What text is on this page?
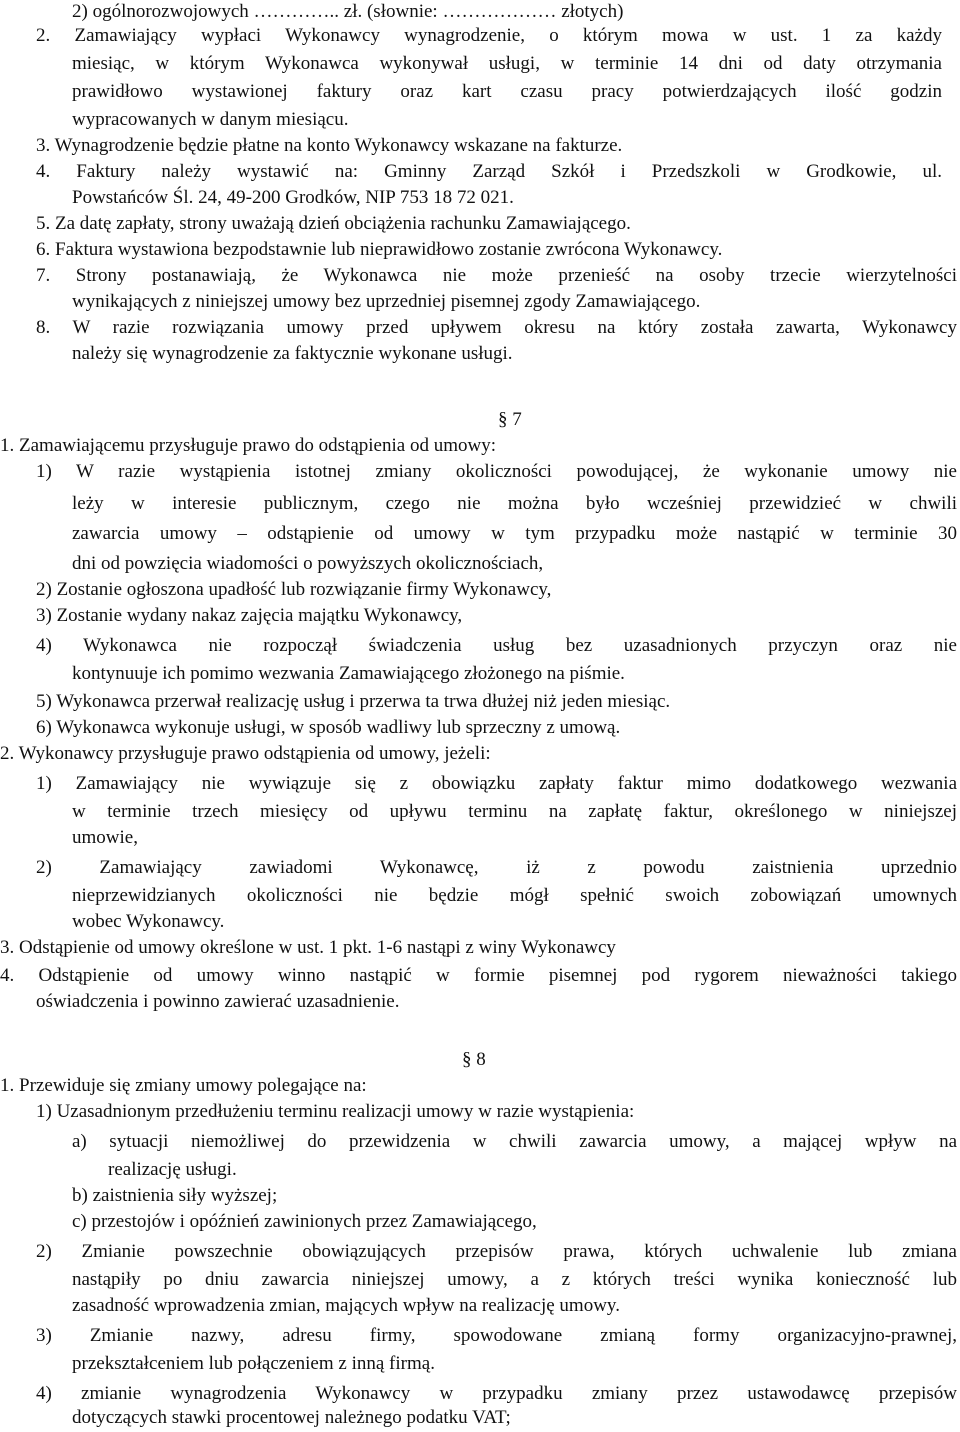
2) ogólnorozwojowych ………….. zł. (słownie: ……………… złotych)

2. Zamawiający wypłaci Wykonawcy wynagrodzenie, o którym mowa w ust. 1 za każdy

miesiąc, w którym Wykonawca wykonywał usługi, w terminie 14 dni od daty otrzymania

prawidłowo wystawionej faktury oraz kart czasu pracy potwierdzających ilość godzin

wypracowanych w danym miesiącu.

3. Wynagrodzenie będzie płatne na konto Wykonawcy wskazane na fakturze.

4. Faktury należy wystawić na: Gminny Zarząd Szkół i Przedszkoli w Grodkowie, ul.

Powstańców Śl. 24, 49-200 Grodków, NIP 753 18 72 021.

5. Za datę zapłaty, strony uważają dzień obciążenia rachunku Zamawiającego.

6. Faktura wystawiona bezpodstawnie lub nieprawidłowo zostanie zwrócona Wykonawcy.

7. Strony postanawiają, że Wykonawca nie może przenieść na osoby trzecie wierzytelności

wynikających z niniejszej umowy bez uprzedniej pisemnej zgody Zamawiającego.

8. W razie rozwiązania umowy przed upływem okresu na który została zawarta, Wykonawcy

należy się wynagrodzenie za faktycznie wykonane usługi.

§ 7

1. Zamawiającemu przysługuje prawo do odstąpienia od umowy:

1) W razie wystąpienia istotnej zmiany okoliczności powodującej, że wykonanie umowy nie

leży w interesie publicznym, czego nie można było wcześniej przewidzieć w chwili

zawarcia umowy – odstąpienie od umowy w tym przypadku może nastąpić w terminie 30

dni od powzięcia wiadomości o powyższych okolicznościach,

2) Zostanie ogłoszona upadłość lub rozwiązanie firmy Wykonawcy,

3) Zostanie wydany nakaz zajęcia majątku Wykonawcy,

4) Wykonawca nie rozpoczął świadczenia usług bez uzasadnionych przyczyn oraz nie

kontynuuje ich pomimo wezwania Zamawiającego złożonego na piśmie.

5) Wykonawca przerwał realizację usług i przerwa ta trwa dłużej niż jeden miesiąc.

6) Wykonawca wykonuje usługi, w sposób wadliwy lub sprzeczny z umową.

2. Wykonawcy przysługuje prawo odstąpienia od umowy, jeżeli:

1) Zamawiający nie wywiązuje się z obowiązku zapłaty faktur mimo dodatkowego wezwania

w terminie trzech miesięcy od upływu terminu na zapłatę faktur, określonego w niniejszej

umowie,

2) Zamawiający zawiadomi Wykonawcę, iż z powodu zaistnienia uprzednio

nieprzewidzianych okoliczności nie będzie mógł spełnić swoich zobowiązań umownych

wobec Wykonawcy.

3. Odstąpienie od umowy określone w ust. 1 pkt. 1-6 nastąpi z winy Wykonawcy

4. Odstąpienie od umowy winno nastąpić w formie pisemnej pod rygorem nieważności takiego

oświadczenia i powinno zawierać uzasadnienie.

§ 8

1. Przewiduje się zmiany umowy polegające na:

1) Uzasadnionym przedłużeniu terminu realizacji umowy w razie wystąpienia:

a) sytuacji niemożliwej do przewidzenia w chwili zawarcia umowy, a mającej wpływ na

realizację usługi.

b) zaistnienia siły wyższej;

c) przestojów i opóźnień zawinionych przez Zamawiającego,

2) Zmianie powszechnie obowiązujących przepisów prawa, których uchwalenie lub zmiana

nastąpiły po dniu zawarcia niniejszej umowy, a z których treści wynika konieczność lub

zasadność wprowadzenia zmian, mających wpływ na realizację umowy.

3) Zmianie nazwy, adresu firmy, spowodowane zmianą formy organizacyjno-prawnej,

przekształceniem lub połączeniem z inną firmą.

4) zmianie wynagrodzenia Wykonawcy w przypadku zmiany przez ustawodawcę przepisów

dotyczących stawki procentowej należnego podatku VAT;
